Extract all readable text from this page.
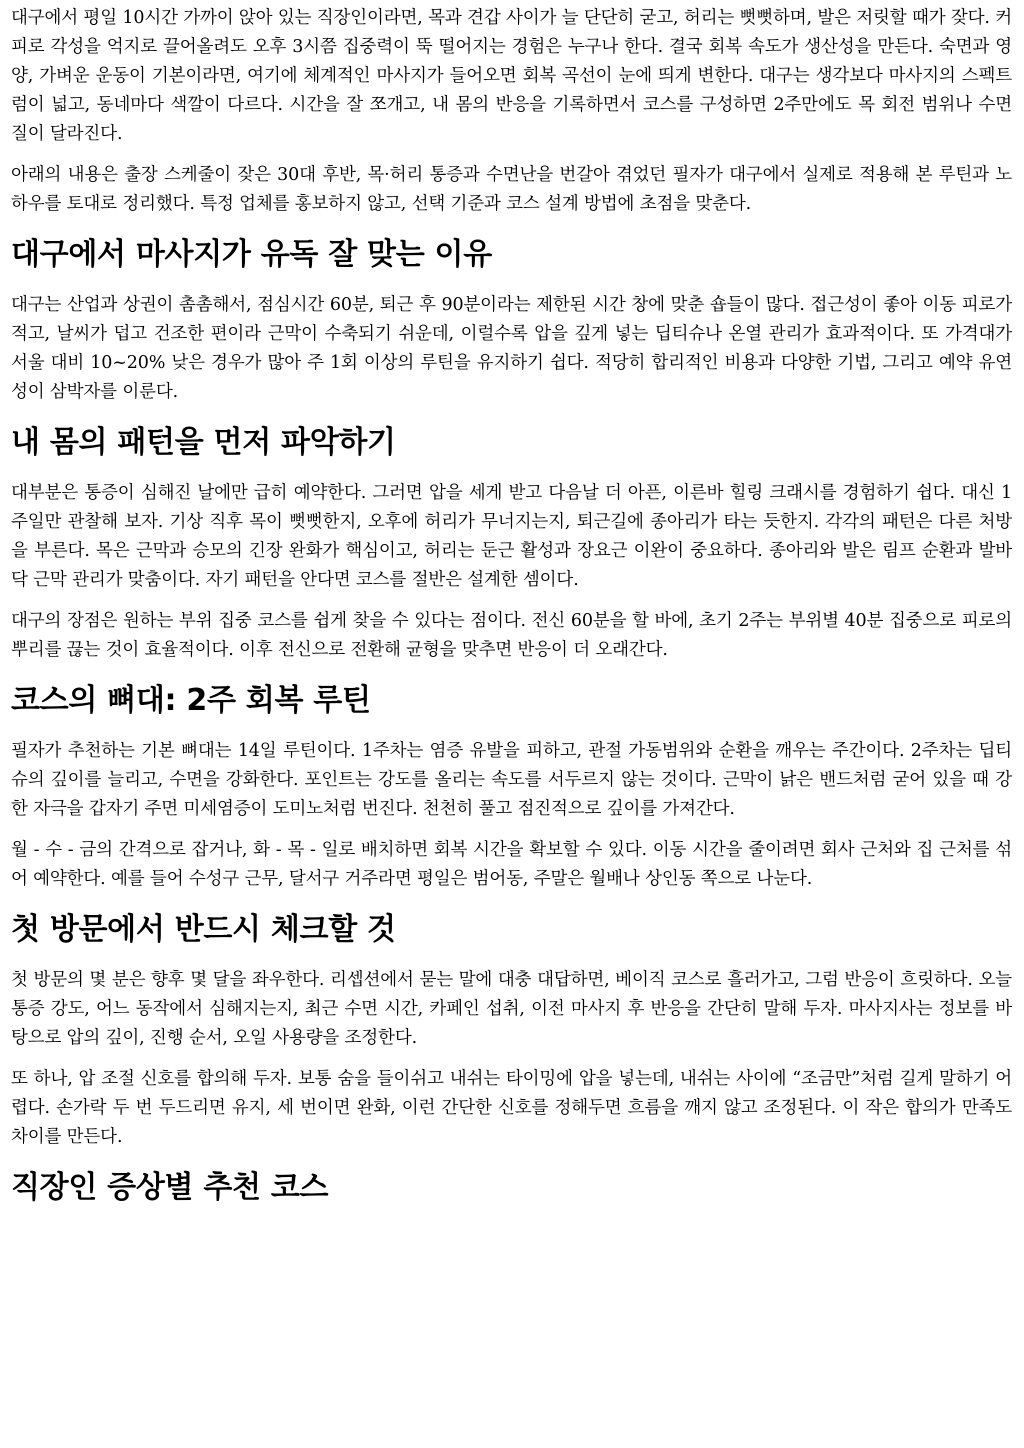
대구에서 평일 10시간 가까이 앉아 있는 직장인이라면, 목과 견갑 사이가 늘 단단히 굳고, 허리는 뻣뻣하며, 발은 저릿할 때가 잦다. 커피로 각성을 억지로 끌어올려도 오후 3시쯤 집중력이 뚝 떨어지는 경험은 누구나 한다. 결국 회복 속도가 생산성을 만든다. 숙면과 영양, 가벼운 운동이 기본이라면, 여기에 체계적인 마사지가 들어오면 회복 곡선이 눈에 띄게 변한다. 대구는 생각보다 마사지의 스펙트럼이 넓고, 동네마다 색깔이 다르다. 시간을 잘 쪼개고, 내 몸의 반응을 기록하면서 코스를 구성하면 2주만에도 목 회전 범위나 수면 질이 달라진다.

아래의 내용은 출장 스케줄이 잦은 30대 후반, 목·허리 통증과 수면난을 번갈아 겪었던 필자가 대구에서 실제로 적용해 본 루틴과 노하우를 토대로 정리했다. 특정 업체를 홍보하지 않고, 선택 기준과 코스 설계 방법에 초점을 맞춘다.

대구에서 마사지가 유독 잘 맞는 이유

대구는 산업과 상권이 촘촘해서, 점심시간 60분, 퇴근 후 90분이라는 제한된 시간 창에 맞춘 숍들이 많다. 접근성이 좋아 이동 피로가 적고, 날씨가 덥고 건조한 편이라 근막이 수축되기 쉬운데, 이럴수록 압을 깊게 넣는 딥티슈나 온열 관리가 효과적이다. 또 가격대가 서울 대비 10~20% 낮은 경우가 많아 주 1회 이상의 루틴을 유지하기 쉽다. 적당히 합리적인 비용과 다양한 기법, 그리고 예약 유연성이 삼박자를 이룬다.

내 몸의 패턴을 먼저 파악하기

대부분은 통증이 심해진 날에만 급히 예약한다. 그러면 압을 세게 받고 다음날 더 아픈, 이른바 힐링 크래시를 경험하기 쉽다. 대신 1주일만 관찰해 보자. 기상 직후 목이 뻣뻣한지, 오후에 허리가 무너지는지, 퇴근길에 종아리가 타는 듯한지. 각각의 패턴은 다른 처방을 부른다. 목은 근막과 승모의 긴장 완화가 핵심이고, 허리는 둔근 활성과 장요근 이완이 중요하다. 종아리와 발은 림프 순환과 발바닥 근막 관리가 맞춤이다. 자기 패턴을 안다면 코스를 절반은 설계한 셈이다.

대구의 장점은 원하는 부위 집중 코스를 쉽게 찾을 수 있다는 점이다. 전신 60분을 할 바에, 초기 2주는 부위별 40분 집중으로 피로의 뿌리를 끊는 것이 효율적이다. 이후 전신으로 전환해 균형을 맞추면 반응이 더 오래간다.

코스의 뼈대: 2주 회복 루틴

필자가 추천하는 기본 뼈대는 14일 루틴이다. 1주차는 염증 유발을 피하고, 관절 가동범위와 순환을 깨우는 주간이다. 2주차는 딥티슈의 깊이를 늘리고, 수면을 강화한다. 포인트는 강도를 올리는 속도를 서두르지 않는 것이다. 근막이 낡은 밴드처럼 굳어 있을 때 강한 자극을 갑자기 주면 미세염증이 도미노처럼 번진다. 천천히 풀고 점진적으로 깊이를 가져간다.

월 - 수 - 금의 간격으로 잡거나, 화 - 목 - 일로 배치하면 회복 시간을 확보할 수 있다. 이동 시간을 줄이려면 회사 근처와 집 근처를 섞어 예약한다. 예를 들어 수성구 근무, 달서구 거주라면 평일은 범어동, 주말은 월배나 상인동 쪽으로 나눈다.

첫 방문에서 반드시 체크할 것

첫 방문의 몇 분은 향후 몇 달을 좌우한다. 리셉션에서 묻는 말에 대충 대답하면, 베이직 코스로 흘러가고, 그럼 반응이 흐릿하다. 오늘 통증 강도, 어느 동작에서 심해지는지, 최근 수면 시간, 카페인 섭취, 이전 마사지 후 반응을 간단히 말해 두자. 마사지사는 정보를 바탕으로 압의 깊이, 진행 순서, 오일 사용량을 조정한다.

또 하나, 압 조절 신호를 합의해 두자. 보통 숨을 들이쉬고 내쉬는 타이밍에 압을 넣는데, 내쉬는 사이에 “조금만”처럼 길게 말하기 어렵다. 손가락 두 번 두드리면 유지, 세 번이면 완화, 이런 간단한 신호를 정해두면 흐름을 깨지 않고 조정된다. 이 작은 합의가 만족도 차이를 만든다.

직장인 증상별 추천 코스
